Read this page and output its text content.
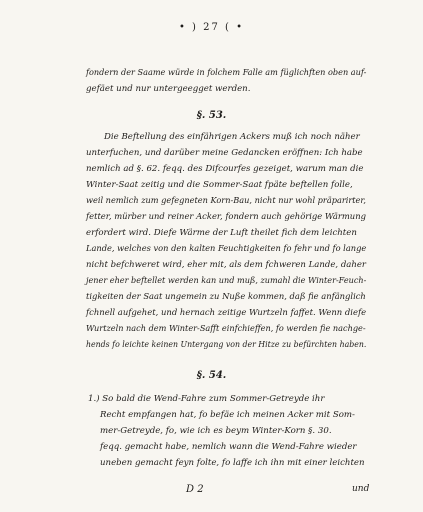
• ) 27 ( •
fondern der Saame würde in folchem Falle am füglichften oben auf-
gefäet und nur untergeegget werden.
§. 53.
Die Beftellung des einfährigen Ackers muß ich noch näher
unterfuchen, und darüber meine Gedancken eröffnen: Ich habe
nemlich ad §. 62. feqq. des Difcourfes gezeiget, warum man die
Winter-Saat zeitig und die Sommer-Saat fpäte beftellen folle,
weil nemlich zum gefegneten Korn-Bau, nicht nur wohl präparirter,
fetter, mürber und reiner Acker, fondern auch gehörige Wärmung
erfordert wird. Diefe Wärme der Luft theilet fich dem leichten
Lande, welches von den kalten Feuchtigkeiten fo fehr und fo lange
nicht befchweret wird, eher mit, als dem fchweren Lande, daher
jener eher beftellet werden kan und muß, zumahl die Winter-Feuch-
tigkeiten der Saat ungemein zu Nuße kommen, daß fie anfänglich
fchnell aufgehet, und hernach zeitige Wurtzeln faffet. Wenn diefe
Wurtzeln nach dem Winter-Safft einfchieffen, fo werden fie nachge-
hends fo leichte keinen Untergang von der Hitze zu befürchten haben.
§. 54.
1.) So bald die Wend-Fahre zum Sommer-Getreyde ihr
Recht empfangen hat, fo befäe ich meinen Acker mit Som-
mer-Getreyde, fo, wie ich es beym Winter-Korn §. 30.
feqq. gemacht habe, nemlich wann die Wend-Fahre wieder
uneben gemacht feyn folte, fo laffe ich ihn mit einer leichten
D 2	und
